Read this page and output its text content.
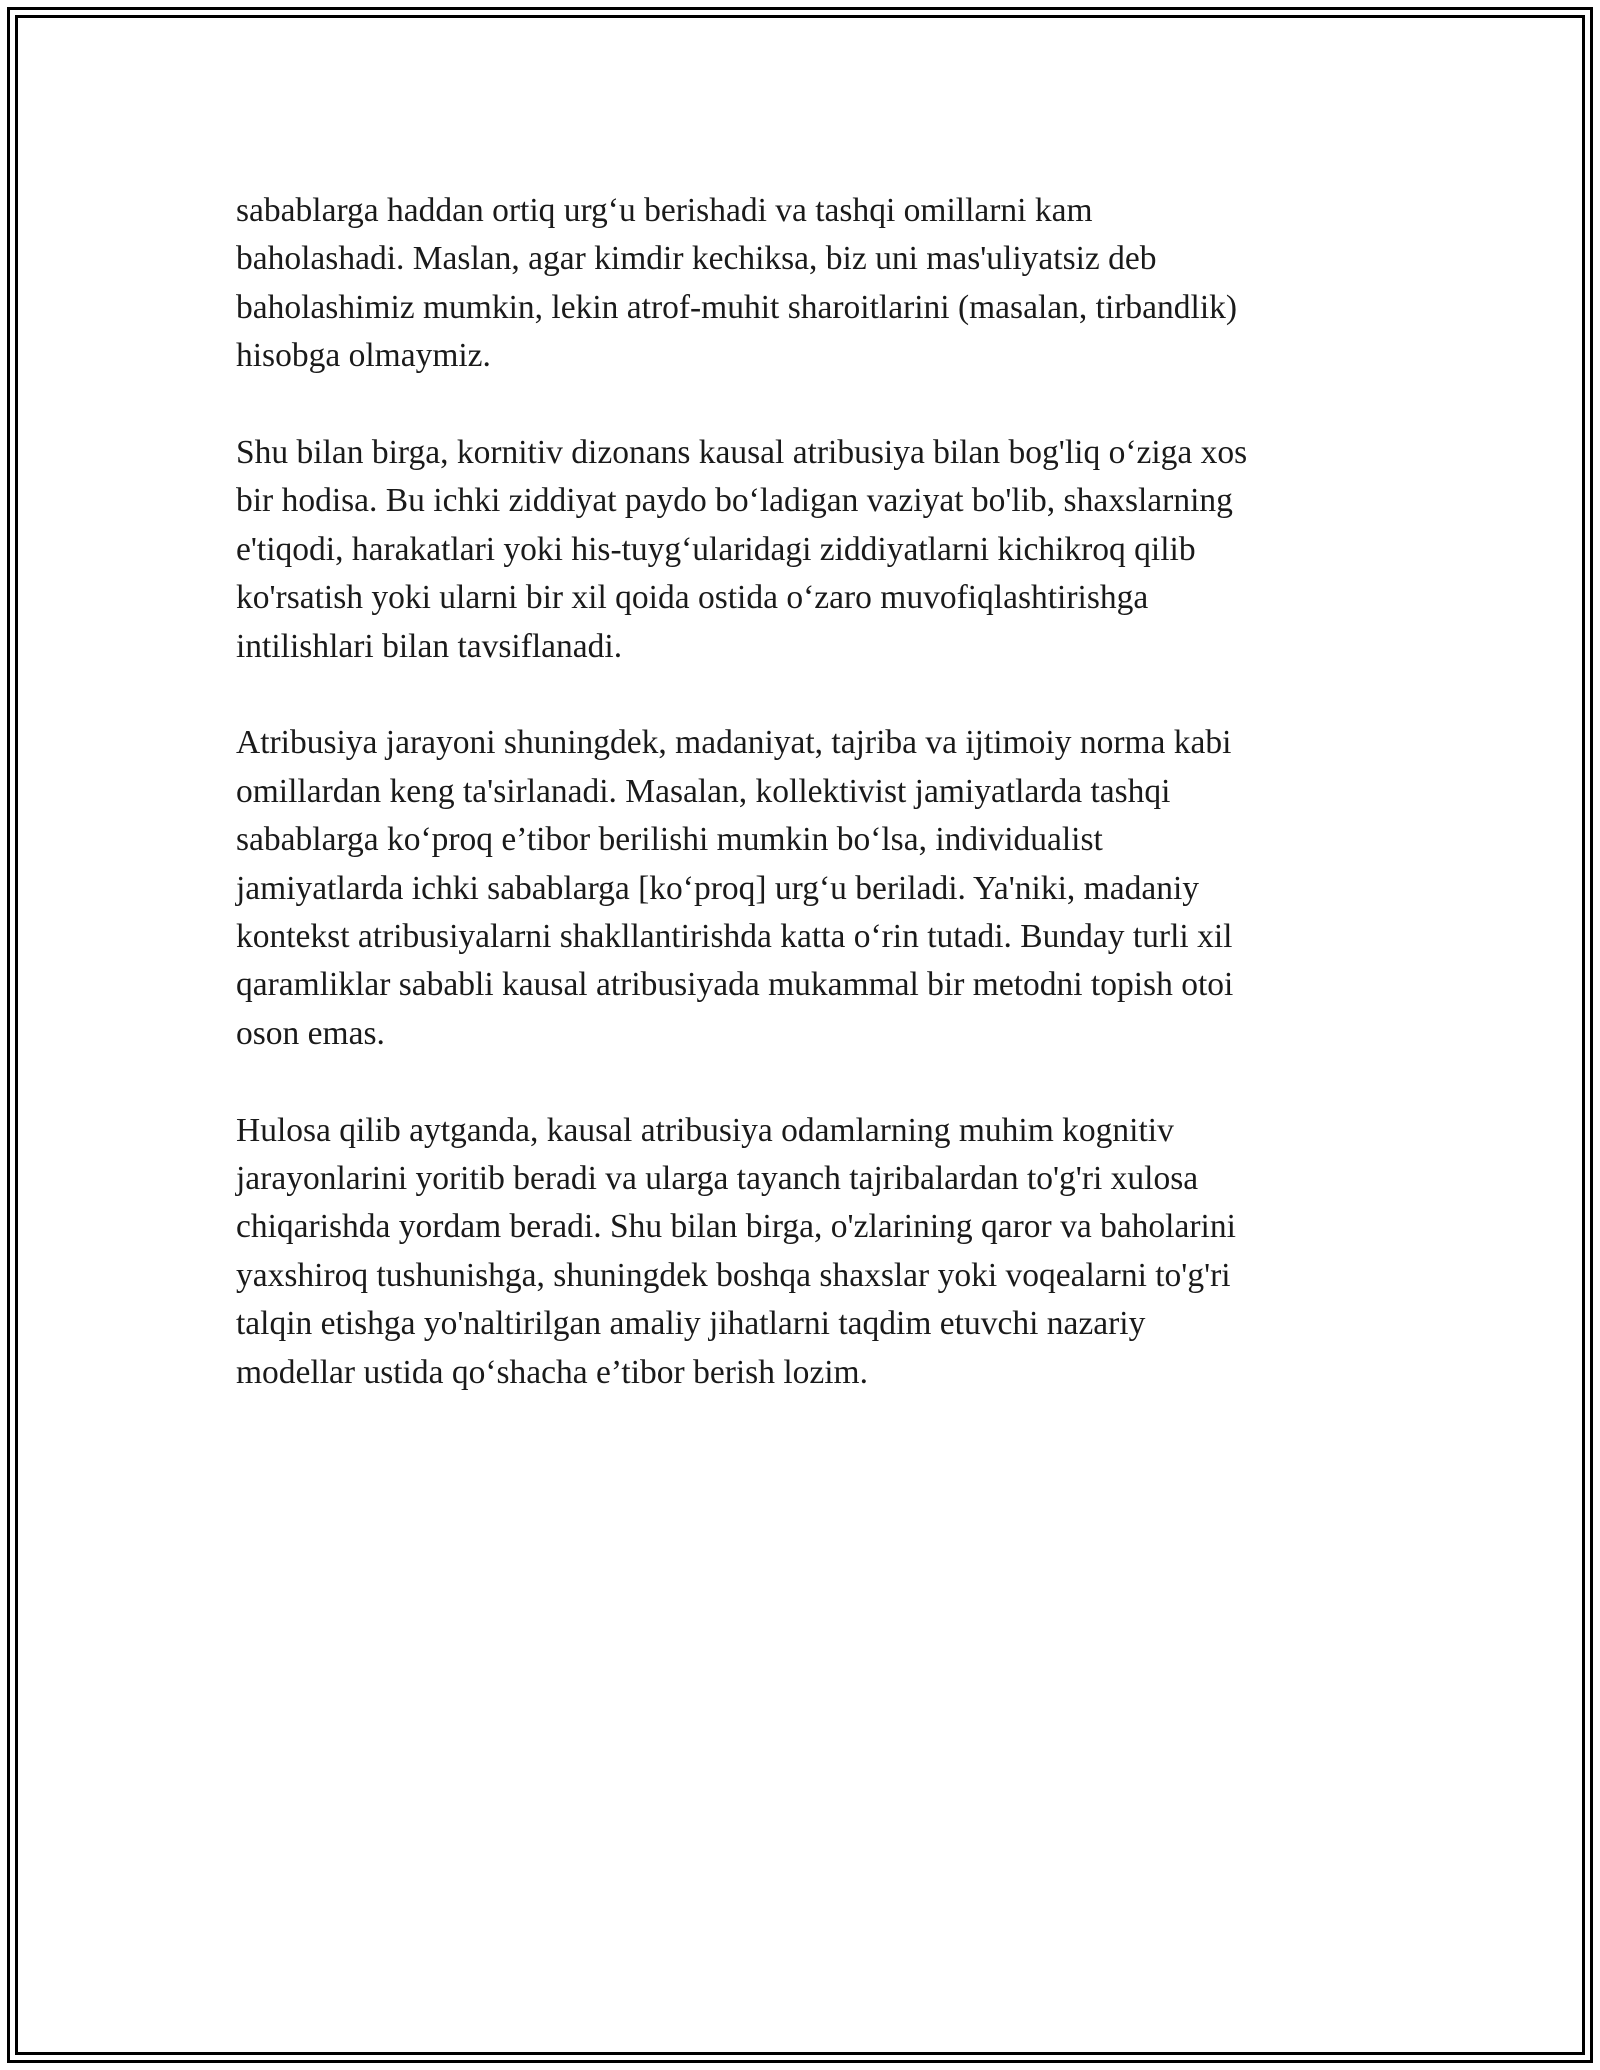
sabablarga haddan ortiq urg‘u berishadi va tashqi omillarni kam
baholashadi. Maslan, agar kimdir kechiksa, biz uni mas'uliyatsiz deb
baholashimiz mumkin, lekin atrof-muhit sharoitlarini (masalan, tirbandlik)
hisobga olmaymiz.

Shu bilan birga, kornitiv dizonans kausal atribusiya bilan bog'liq o‘ziga xos
bir hodisa. Bu ichki ziddiyat paydo bo‘ladigan vaziyat bo'lib, shaxslarning
e'tiqodi, harakatlari yoki his-tuyg‘ularidagi ziddiyatlarni kichikroq qilib
ko'rsatish yoki ularni bir xil qoida ostida o‘zaro muvofiqlashtirishga
intilishlari bilan tavsiflanadi.

Atribusiya jarayoni shuningdek, madaniyat, tajriba va ijtimoiy norma kabi
omillardan keng ta'sirlanadi. Masalan, kollektivist jamiyatlarda tashqi
sabablarga ko‘proq e’tibor berilishi mumkin bo‘lsa, individualist
jamiyatlarda ichki sabablarga [ko‘proq] urg‘u beriladi. Ya'niki, madaniy
kontekst atribusiyalarni shakllantirishda katta o‘rin tutadi. Bunday turli xil
qaramliklar sababli kausal atribusiyada mukammal bir metodni topish otoi
oson emas.

Hulosa qilib aytganda, kausal atribusiya odamlarning muhim kognitiv
jarayonlarini yoritib beradi va ularga tayanch tajribalardan to'g'ri xulosa
chiqarishda yordam beradi. Shu bilan birga, o'zlarining qaror va baholarini
yaxshiroq tushunishga, shuningdek boshqa shaxslar yoki voqealarni to'g'ri
talqin etishga yo'naltirilgan amaliy jihatlarni taqdim etuvchi nazariy
modellar ustida qo‘shacha e’tibor berish lozim.
